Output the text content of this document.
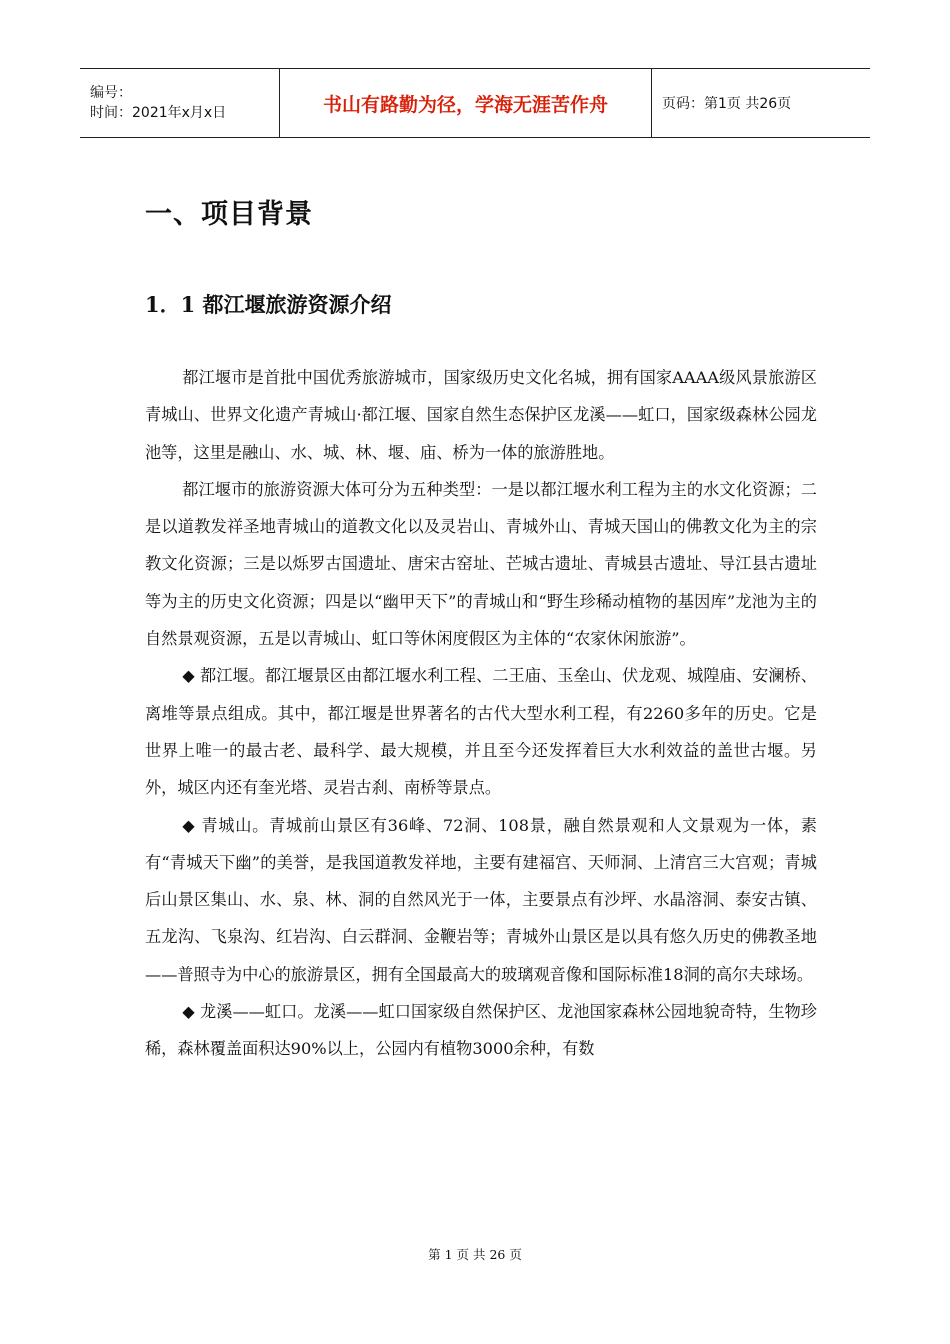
编号：
时间：2021年x月x日	书山有路勤为径，学海无涯苦作舟	页码：第1页 共26页
一、项目背景
1．1 都江堰旅游资源介绍

都江堰市是首批中国优秀旅游城市，国家级历史文化名城，拥有国家AAAA级风景旅游区青城山、世界文化遗产青城山·都江堰、国家自然生态保护区龙溪——虹口，国家级森林公园龙池等，这里是融山、水、城、林、堰、庙、桥为一体的旅游胜地。

都江堰市的旅游资源大体可分为五种类型：一是以都江堰水利工程为主的水文化资源；二是以道教发祥圣地青城山的道教文化以及灵岩山、青城外山、青城天国山的佛教文化为主的宗教文化资源；三是以烁罗古国遗址、唐宋古窑址、芒城古遗址、青城县古遗址、导江县古遗址等为主的历史文化资源；四是以“幽甲天下”的青城山和“野生珍稀动植物的基因库”龙池为主的自然景观资源，五是以青城山、虹口等休闲度假区为主体的“农家休闲旅游”。

◆ 都江堰。都江堰景区由都江堰水利工程、二王庙、玉垒山、伏龙观、城隍庙、安澜桥、离堆等景点组成。其中，都江堰是世界著名的古代大型水利工程，有2260多年的历史。它是世界上唯一的最古老、最科学、最大规模，并且至今还发挥着巨大水利效益的盖世古堰。另外，城区内还有奎光塔、灵岩古刹、南桥等景点。

◆ 青城山。青城前山景区有36峰、72洞、108景，融自然景观和人文景观为一体，素有“青城天下幽”的美誉，是我国道教发祥地，主要有建福宫、天师洞、上清宫三大宫观；青城后山景区集山、水、泉、林、洞的自然风光于一体，主要景点有沙坪、水晶溶洞、泰安古镇、五龙沟、飞泉沟、红岩沟、白云群洞、金鞭岩等；青城外山景区是以具有悠久历史的佛教圣地——普照寺为中心的旅游景区，拥有全国最高大的玻璃观音像和国际标准18洞的高尔夫球场。

◆ 龙溪——虹口。龙溪——虹口国家级自然保护区、龙池国家森林公园地貌奇特，生物珍稀，森林覆盖面积达90%以上，公园内有植物3000余种，有数

第 1 页 共 26 页
